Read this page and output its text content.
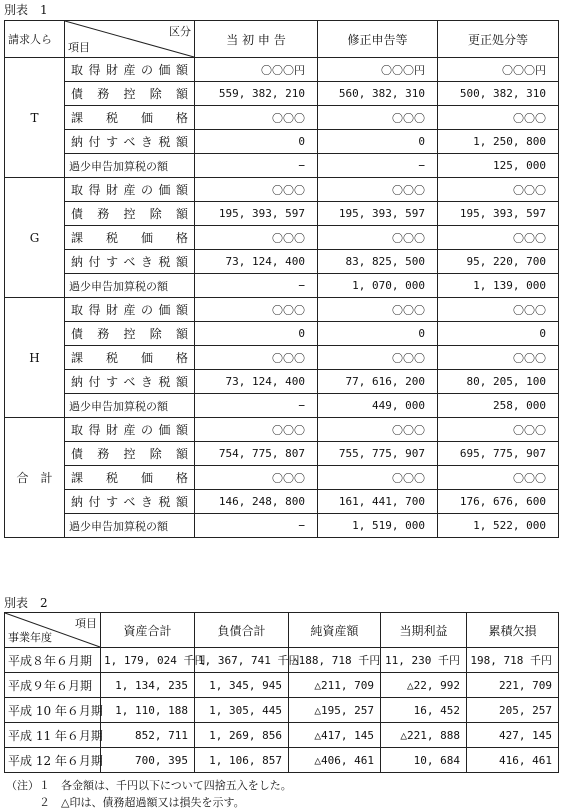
別表　1
請求人ら	区分
項目	当 初 申 告	修正申告等	更正処分等
T	取得財産の価額	〇〇〇円	〇〇〇円	〇〇〇円
	債務控除額	559, 382, 210	560, 382, 310	500, 382, 310
	課税価格	〇〇〇	〇〇〇	〇〇〇
	納付すべき税額	0	0	1, 250, 800
	過少申告加算税の額	−	−	125, 000
G	取得財産の価額	〇〇〇	〇〇〇	〇〇〇
	債務控除額	195, 393, 597	195, 393, 597	195, 393, 597
	課税価格	〇〇〇	〇〇〇	〇〇〇
	納付すべき税額	73, 124, 400	83, 825, 500	95, 220, 700
	過少申告加算税の額	−	1, 070, 000	1, 139, 000
H	取得財産の価額	〇〇〇	〇〇〇	〇〇〇
	債務控除額	0	0	0
	課税価格	〇〇〇	〇〇〇	〇〇〇
	納付すべき税額	73, 124, 400	77, 616, 200	80, 205, 100
	過少申告加算税の額	−	449, 000	258, 000
合　計	取得財産の価額	〇〇〇	〇〇〇	〇〇〇
	債務控除額	754, 775, 807	755, 775, 907	695, 775, 907
	課税価格	〇〇〇	〇〇〇	〇〇〇
	納付すべき税額	146, 248, 800	161, 441, 700	176, 676, 600
	過少申告加算税の額	−	1, 519, 000	1, 522, 000
別表　2
項目
事業年度	資産合計	負債合計	純資産額	当期利益	累積欠損
平成８年６月期	1, 179, 024 千円	1, 367, 741 千円	△188, 718 千円	11, 230 千円	198, 718 千円
平成９年６月期	1, 134, 235	1, 345, 945	△211, 709	△22, 992	221, 709
平成 10 年６月期	1, 110, 188	1, 305, 445	△195, 257	16, 452	205, 257
平成 11 年６月期	852, 711	1, 269, 856	△417, 145	△221, 888	427, 145
平成 12 年６月期	700, 395	1, 106, 857	△406, 461	10, 684	416, 461
（注）１　各金額は、千円以下について四捨五入をした。
　　　２　△印は、債務超過額又は損失を示す。
